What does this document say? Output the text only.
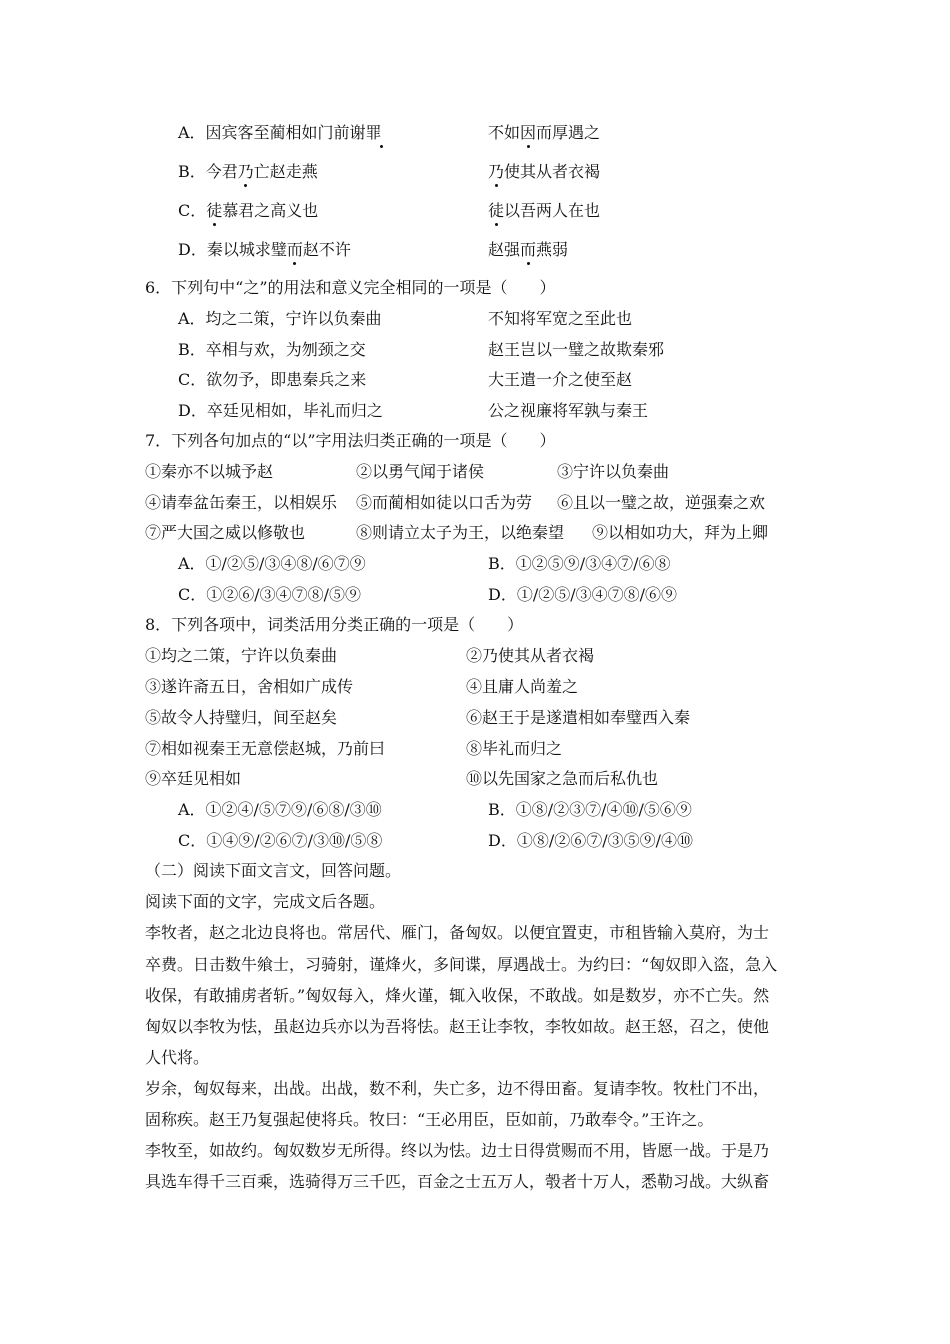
A．因宾客至蔺相如门前谢罪	不如因而厚遇之
B．今君乃亡赵走燕	乃使其从者衣褐
C．徒慕君之高义也	徒以吾两人在也
D．秦以城求璧而赵不许	赵强而燕弱
6．下列句中“之”的用法和意义完全相同的一项是（　　）
A．均之二策，宁许以负秦曲	不知将军宽之至此也
B．卒相与欢，为刎颈之交	赵王岂以一璧之故欺秦邪
C．欲勿予，即患秦兵之来	大王遣一介之使至赵
D．卒廷见相如，毕礼而归之	公之视廉将军孰与秦王
7．下列各句加点的“以”字用法归类正确的一项是（　　）
①秦亦不以城予赵	②以勇气闻于诸侯	③宁许以负秦曲
④请奉盆缶秦王，以相娱乐 ⑤而蔺相如徒以口舌为劳 ⑥且以一璧之故，逆强秦之欢
⑦严大国之威以修敬也	⑧则请立太子为王，以绝秦望 ⑨以相如功大，拜为上卿
A．①/②⑤/③④⑧/⑥⑦⑨	B．①②⑤⑨/③④⑦/⑥⑧
C．①②⑥/③④⑦⑧/⑤⑨	D．①/②⑤/③④⑦⑧/⑥⑨
8．下列各项中，词类活用分类正确的一项是（　　）
①均之二策，宁许以负秦曲	②乃使其从者衣褐
③遂许斋五日，舍相如广成传	④且庸人尚羞之
⑤故令人持璧归，间至赵矣	⑥赵王于是遂遣相如奉璧西入秦
⑦相如视秦王无意偿赵城，乃前曰	⑧毕礼而归之
⑨卒廷见相如	⑩以先国家之急而后私仇也
A．①②④/⑤⑦⑨/⑥⑧/③⑩	B．①⑧/②③⑦/④⑩/⑤⑥⑨
C．①④⑨/②⑥⑦/③⑩/⑤⑧	D．①⑧/②⑥⑦/③⑤⑨/④⑩
（二）阅读下面文言文，回答问题。
阅读下面的文字，完成文后各题。
李牧者，赵之北边良将也。常居代、雁门，备匈奴。以便宜置吏，市租皆输入莫府，为士
卒费。日击数牛飨士，习骑射，谨烽火，多间谍，厚遇战士。为约曰：“匈奴即入盗，急入
收保，有敢捕虏者斩。”匈奴每入，烽火谨，辄入收保，不敢战。如是数岁，亦不亡失。然
匈奴以李牧为怯，虽赵边兵亦以为吾将怯。赵王让李牧，李牧如故。赵王怒，召之，使他
人代将。
岁余，匈奴每来，出战。出战，数不利，失亡多，边不得田畜。复请李牧。牧杜门不出，
固称疾。赵王乃复强起使将兵。牧曰：“王必用臣，臣如前，乃敢奉令。”王许之。
李牧至，如故约。匈奴数岁无所得。终以为怯。边士日得赏赐而不用，皆愿一战。于是乃
具选车得千三百乘，选骑得万三千匹，百金之士五万人，彀者十万人，悉勒习战。大纵畜
